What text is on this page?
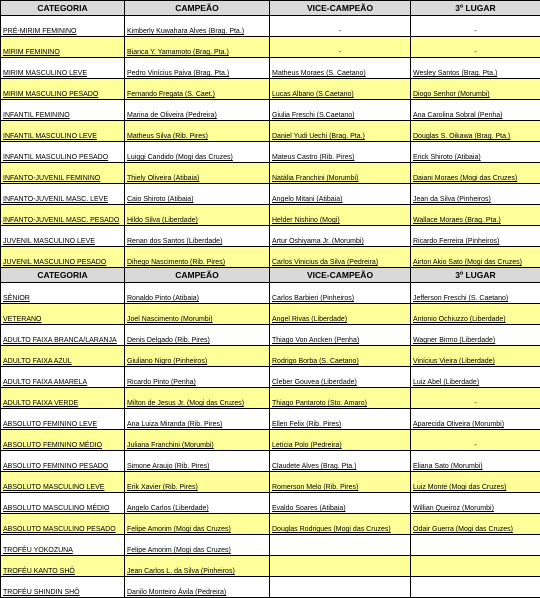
CATEGORIA	CAMPEÃO	VICE-CAMPEÃO	3º LUGAR
PRÉ-MIRIM FEMININO	Kimberly Kuwahara Alves (Brag. Pta.)	-	-
MIRIM FEMININO	Bianca Y. Yamamoto (Brag. Pta.)	-	-
MIRIM MASCULINO LEVE	Pedro Vinícius Paiva (Brag. Pta.)	Matheus Moraes (S. Caetano)	Wesley Santos (Brag. Pta.)
MIRIM MASCULINO PESADO	Fernando Fregata (S. Caet.)	Lucas Albano (S.Caetano)	Diogo Senhor (Morumbi)
INFANTIL FEMININO	Marina de Oliveira (Pedreira)	Giulia Freschi (S.Caetano)	Ana Carolina Sobral (Penha)
INFANTIL MASCULINO LEVE	Matheus Silva (Rib. Pires)	Daniel Yudi Uechi (Brag. Pta.)	Douglas S. Oikawa (Brag. Pta.)
INFANTIL MASCULINO PESADO	Luiggi Candido (Mogi das Cruzes)	Mateus Castro (Rib. Pires)	Erick Shiroto (Atibaia)
INFANTO-JUVENIL FEMININO	Thiely Oliveira (Atibaia)	Natália Franchini (Morumbi)	Daiani Moraes (Mogi das Cruzes)
INFANTO-JUVENIL MASC. LEVE	Caio Shiroto (Atibaia)	Angelo Mitani (Atibaia)	Jean da Silva (Pinheiros)
INFANTO-JUVENIL MASC. PESADO	Hildo Silva (Liberdade)	Helder Nishino (Mogi)	Wallace Moraes (Brag. Pta.)
JUVENIL MASCULINO LEVE	Renan dos Santos (Liberdade)	Artur Oshiyama Jr. (Morumbi)	Ricardo Ferreira (Pinheiros)
JUVENIL MASCULINO PESADO	Dihego Nascimento (Rib. Pires)	Carlos Vinicius da Silva (Pedreira)	Airton Akio Sato (Mogi das Cruzes)
CATEGORIA	CAMPEÃO	VICE-CAMPEÃO	3º LUGAR
SÊNIOR	Ronaldo Pinto (Atibaia)	Carlos Barbieri (Pinheiros)	Jefferson Freschi (S. Caetano)
VETERANO	Joel Nascimento (Morumbi)	Angel Rivas (Liberdade)	Antonio Ochiuzzo (Liberdade)
ADULTO FAIXA BRANCA/LARANJA	Denis Delgado (Rib. Pires)	Thiago Von Ancken (Penha)	Wagner Birmo (Liberdade)
ADULTO FAIXA AZUL	Giuliano Nigro (Pinheiros)	Rodrigo Borba (S. Caetano)	Vinícius Vieira (Liberdade)
ADULTO FAIXA AMARELA	Ricardo Pinto (Penha)	Cleber Gouvea (Liberdade)	Luiz Abel (Liberdade)
ADULTO FAIXA VERDE	Milton de Jesus Jr. (Mogi das Cruzes)	Thiago Pantaroto (Sto. Amaro)	-
ABSOLUTO FEMININO LEVE	Ana Luiza Miranda (Rib. Pires)	Ellen Felix (Rib. Pires)	Aparecida Oliveira (Morumbi)
ABSOLUTO FEMININO MÉDIO	Juliana Franchini (Morumbi)	Letícia Polo (Pedreira)	-
ABSOLUTO FEMININO PESADO	Simone Araujo (Rib. Pires)	Claudete Alves (Brag. Pta.)	Eliana Sato (Morumbi)
ABSOLUTO MASCULINO LEVE	Erik Xavier (Rib. Pires)	Romerson Melo (Rib. Pires)	Luiz Monte (Mogi das Cruzes)
ABSOLUTO MASCULINO MÉDIO	Angelo Carlos (Liberdade)	Evaldo Soares (Atibaia)	Willian Queiroz (Morumbi)
ABSOLUTO MASCULINO PESADO	Felipe Amorim (Mogi das Cruzes)	Douglas Rodrigues (Mogi das Cruzes)	Odair Guerra (Mogi das Cruzes)
TROFÉU YOKOZUNA	Felipe Amorim (Mogi das Cruzes)		
TROFÉU KANTO SHÔ	Jean Carlos L. da Silva (Pinheiros)		
TROFÉU SHINDIN SHÔ	Danilo Monteiro Ávila (Pedreira)		
